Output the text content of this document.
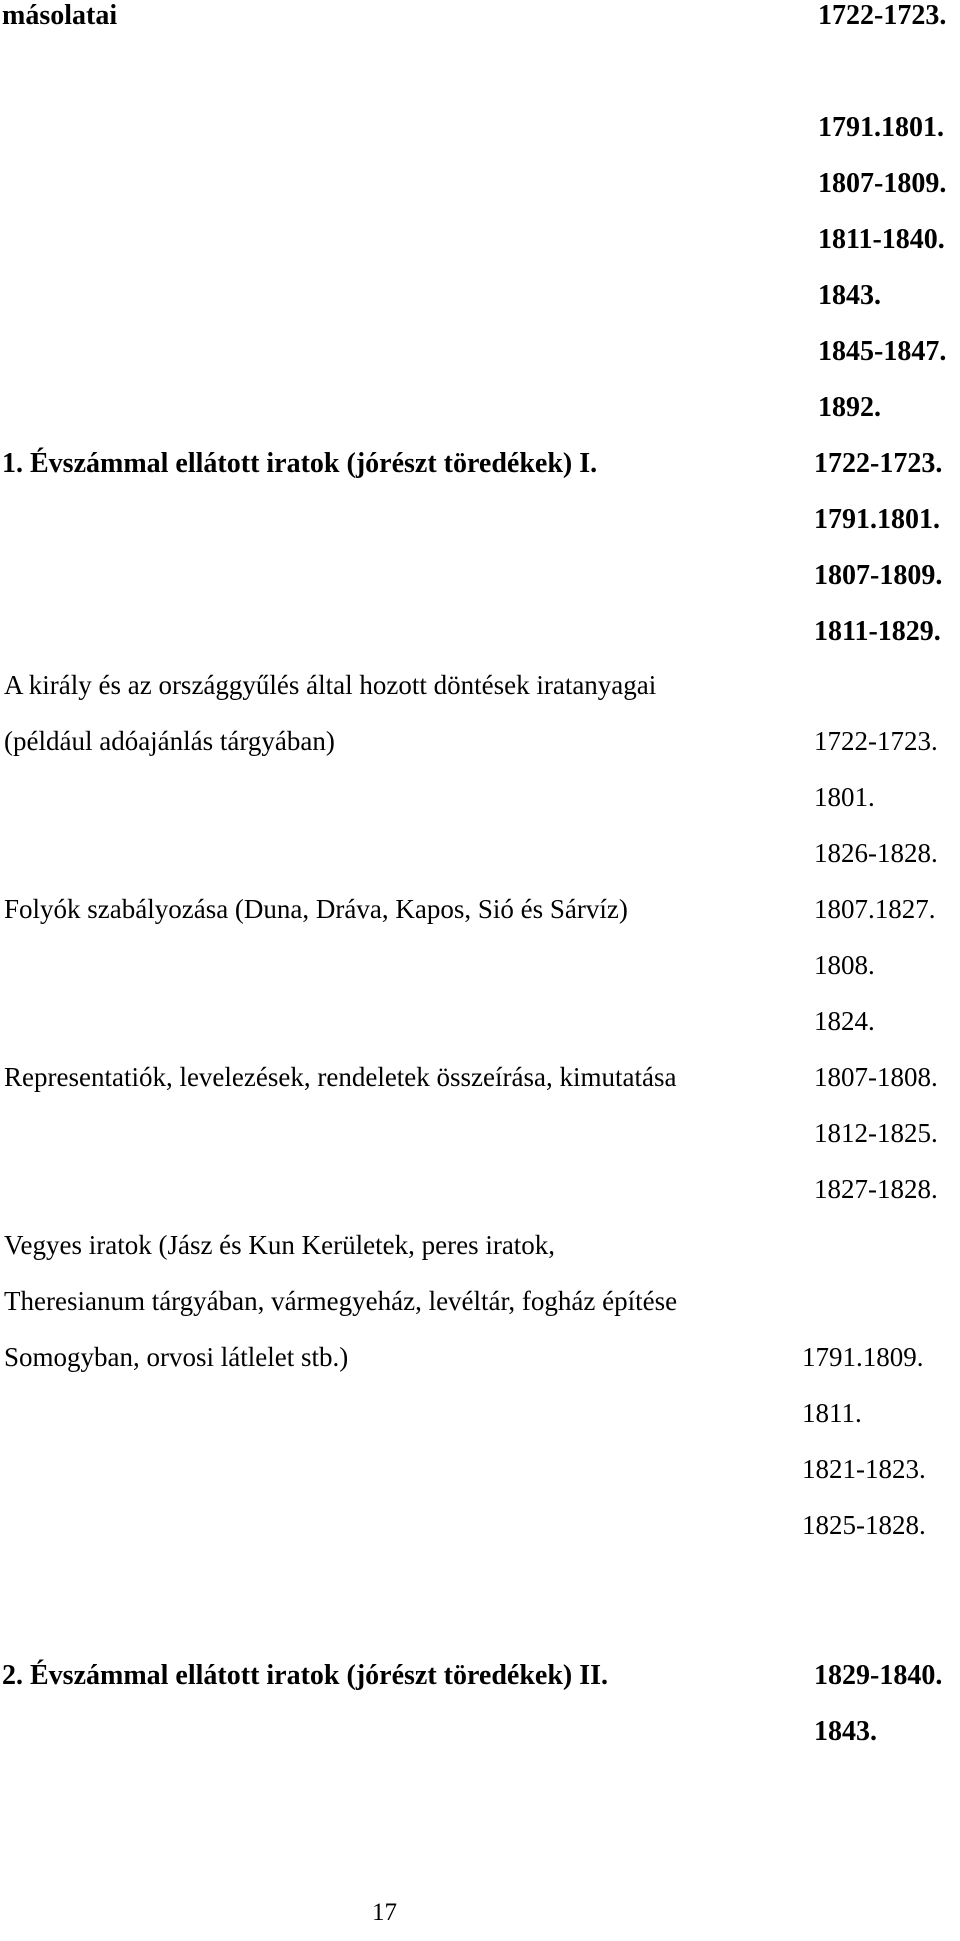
másolatai	1722-1723.
1791.1801.
1807-1809.
1811-1840.
1843.
1845-1847.
1892.
1. Évszámmal ellátott iratok (jórészt töredékek) I.	1722-1723.
1791.1801.
1807-1809.
1811-1829.
A király és az országgyűlés által hozott döntések iratanyagai
(például adóajánlás tárgyában)	1722-1723.
1801.
1826-1828.
Folyók szabályozása (Duna, Dráva, Kapos, Sió és Sárvíz)	1807.1827.
1808.
1824.
Representatiók, levelezések, rendeletek összeírása, kimutatása	1807-1808.
1812-1825.
1827-1828.
Vegyes iratok (Jász és Kun Kerületek, peres iratok,
Theresianum tárgyában, vármegyeház, levéltár, fogház építése
Somogyban, orvosi látlelet stb.)	1791.1809.
1811.
1821-1823.
1825-1828.
2. Évszámmal ellátott iratok (jórészt töredékek) II.	1829-1840.
1843.
17
